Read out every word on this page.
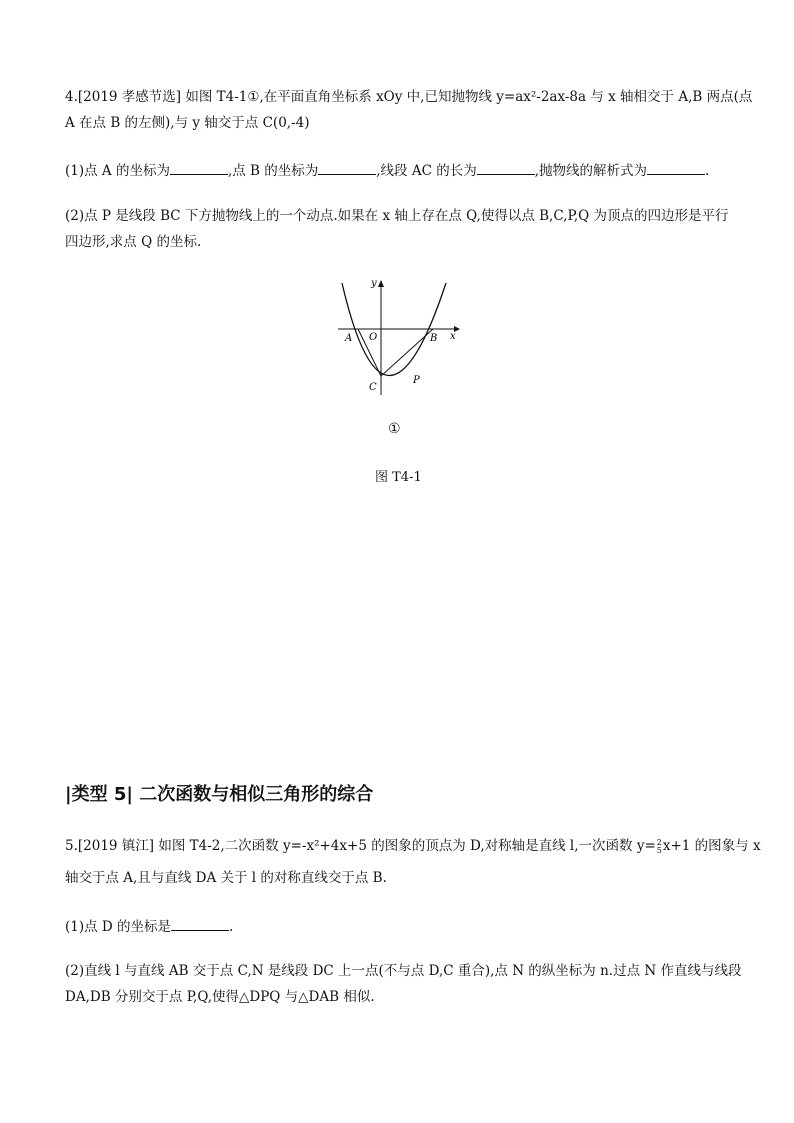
4.[2019 孝感节选] 如图 T4-1①,在平面直角坐标系 xOy 中,已知抛物线 y=ax²-2ax-8a 与 x 轴相交于 A,B 两点(点
A 在点 B 的左侧),与 y 轴交于点 C(0,-4)
(1)点 A 的坐标为	,点 B 的坐标为	,线段 AC 的长为	,抛物线的解析式为	.
(2)点 P 是线段 BC 下方抛物线上的一个动点.如果在 x 轴上存在点 Q,使得以点 B,C,P,Q 为顶点的四边形是平行
四边形,求点 Q 的坐标.
y
x
O
A	B
C
P
①
图 T4-1
|类型 5| 二次函数与相似三角形的综合
5.[2019 镇江] 如图 T4-2,二次函数 y=-x²+4x+5 的图象的顶点为 D,对称轴是直线 l,一次函数 y= 2
5 x+1 的图象与 x
轴交于点 A,且与直线 DA 关于 l 的对称直线交于点 B.
(1)点 D 的坐标是	.
(2)直线 l 与直线 AB 交于点 C,N 是线段 DC 上一点(不与点 D,C 重合),点 N 的纵坐标为 n.过点 N 作直线与线段
DA,DB 分别交于点 P,Q,使得△DPQ 与△DAB 相似.
